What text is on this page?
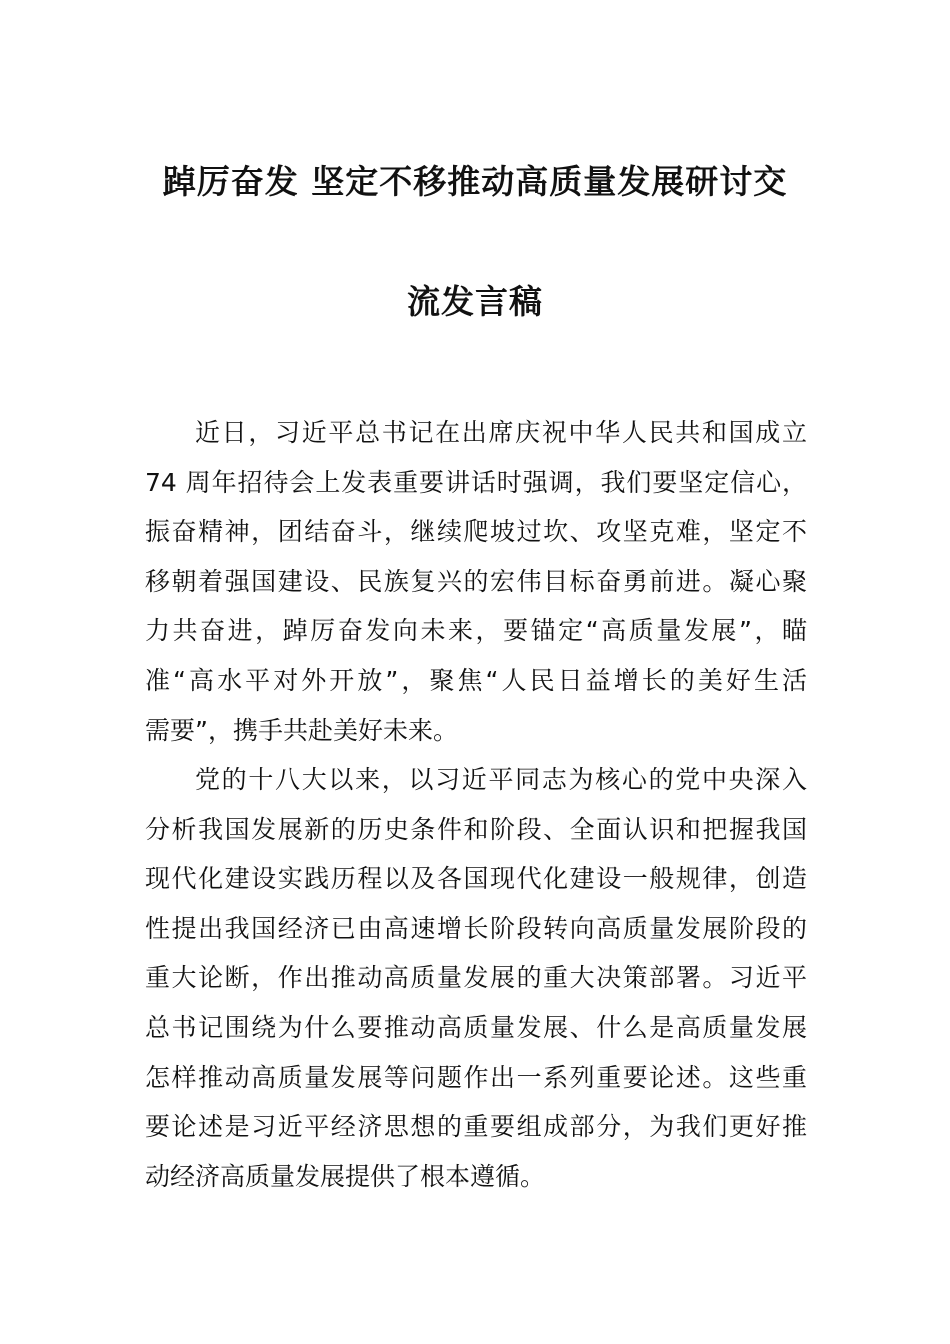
踔厉奋发 坚定不移推动高质量发展研讨交
流发言稿
近日，习近平总书记在出席庆祝中华人民共和国成立
74 周年招待会上发表重要讲话时强调，我们要坚定信心，
振奋精神，团结奋斗，继续爬坡过坎、攻坚克难，坚定不
移朝着强国建设、民族复兴的宏伟目标奋勇前进。凝心聚
力共奋进，踔厉奋发向未来，要锚定“高质量发展”，瞄
准“高水平对外开放”，聚焦“人民日益增长的美好生活
需要”，携手共赴美好未来。
党的十八大以来，以习近平同志为核心的党中央深入
分析我国发展新的历史条件和阶段、全面认识和把握我国
现代化建设实践历程以及各国现代化建设一般规律，创造
性提出我国经济已由高速增长阶段转向高质量发展阶段的
重大论断，作出推动高质量发展的重大决策部署。习近平
总书记围绕为什么要推动高质量发展、什么是高质量发展
怎样推动高质量发展等问题作出一系列重要论述。这些重
要论述是习近平经济思想的重要组成部分，为我们更好推
动经济高质量发展提供了根本遵循。
